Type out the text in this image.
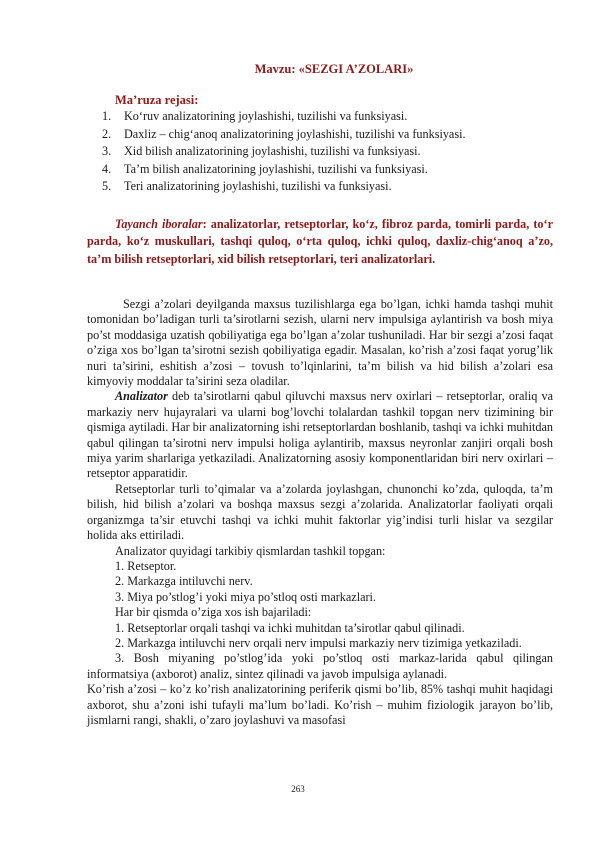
Mavzu: «SEZGI A’ZOLARI»
Ma’ruza rejasi:
1.	Ko‘ruv analizatorining joylashishi, tuzilishi va funksiyasi.
2.	Daxliz – chig‘anoq analizatorining joylashishi, tuzilishi va funksiyasi.
3.	Xid bilish analizatorining joylashishi, tuzilishi va funksiyasi.
4.	Ta’m bilish analizatorining joylashishi, tuzilishi va funksiyasi.
5.	Teri analizatorining joylashishi, tuzilishi va funksiyasi.

Tayanch iboralar: analizatorlar, retseptorlar, ko‘z, fibroz parda, tomirli parda, to‘r parda, ko‘z muskullari, tashqi quloq, o‘rta quloq, ichki quloq, daxliz-chig‘anoq a’zo, ta’m bilish retseptorlari, xid bilish retseptorlari, teri analizatorlari.

Sezgi a’zolari deyilganda maxsus tuzilishlarga ega bo’lgan, ichki hamda tashqi muhit tomonidan bo’ladigan turli ta’sirotlarni sezish, ularni nerv impulsiga aylantirish va bosh miya po’st moddasiga uzatish qobiliyatiga ega bo’lgan a’zolar tushuniladi. Har bir sezgi a’zosi faqat o’ziga xos bo’lgan ta’sirotni sezish qobiliyatiga egadir. Masalan, ko’rish a’zosi faqat yorug’lik nuri ta’sirini, eshitish a’zosi – tovush to’lqinlarini, ta’m bilish va hid bilish a’zolari esa kimyoviy moddalar ta’sirini seza oladilar.

Analizator deb ta’sirotlarni qabul qiluvchi maxsus nerv oxirlari – retseptorlar, oraliq va markaziy nerv hujayralari va ularni bog’lovchi tolalardan tashkil topgan nerv tizimining bir qismiga aytiladi. Har bir analizatorning ishi retseptorlardan boshlanib, tashqi va ichki muhitdan qabul qilingan ta’sirotni nerv impulsi holiga aylantirib, maxsus neyronlar zanjiri orqali bosh miya yarim sharlariga yetkaziladi. Analizatorning asosiy komponentlaridan biri nerv oxirlari – retseptor apparatidir.

Retseptorlar turli to’qimalar va a’zolarda joylashgan, chunonchi ko’zda, quloqda, ta’m bilish, hid bilish a’zolari va boshqa maxsus sezgi a’zolarida. Analizatorlar faoliyati orqali organizmga ta’sir etuvchi tashqi va ichki muhit faktorlar yig’indisi turli hislar va sezgilar holida aks ettiriladi.

Analizator quyidagi tarkibiy qismlardan tashkil topgan:

1. Retseptor.

2. Markazga intiluvchi nerv.

3. Miya po’stlog’i yoki miya po’stloq osti markazlari.

Har bir qismda o’ziga xos ish bajariladi:

1. Retseptorlar orqali tashqi va ichki muhitdan ta’sirotlar qabul qilinadi.

2. Markazga intiluvchi nerv orqali nerv impulsi markaziy nerv tizimiga yetkaziladi.

3. Bosh miyaning po’stlog’ida yoki po’stloq osti markaz-larida qabul qilingan informatsiya (axborot) analiz, sintez qilinadi va javob impulsiga aylanadi.

Ko’rish a’zosi – ko’z ko’rish analizatorining periferik qismi bo’lib, 85% tashqi muhit haqidagi axborot, shu a’zoni ishi tufayli ma’lum bo’ladi. Ko’rish – muhim fiziologik jarayon bo’lib, jismlarni rangi, shakli, o’zaro joylashuvi va masofasi

263
